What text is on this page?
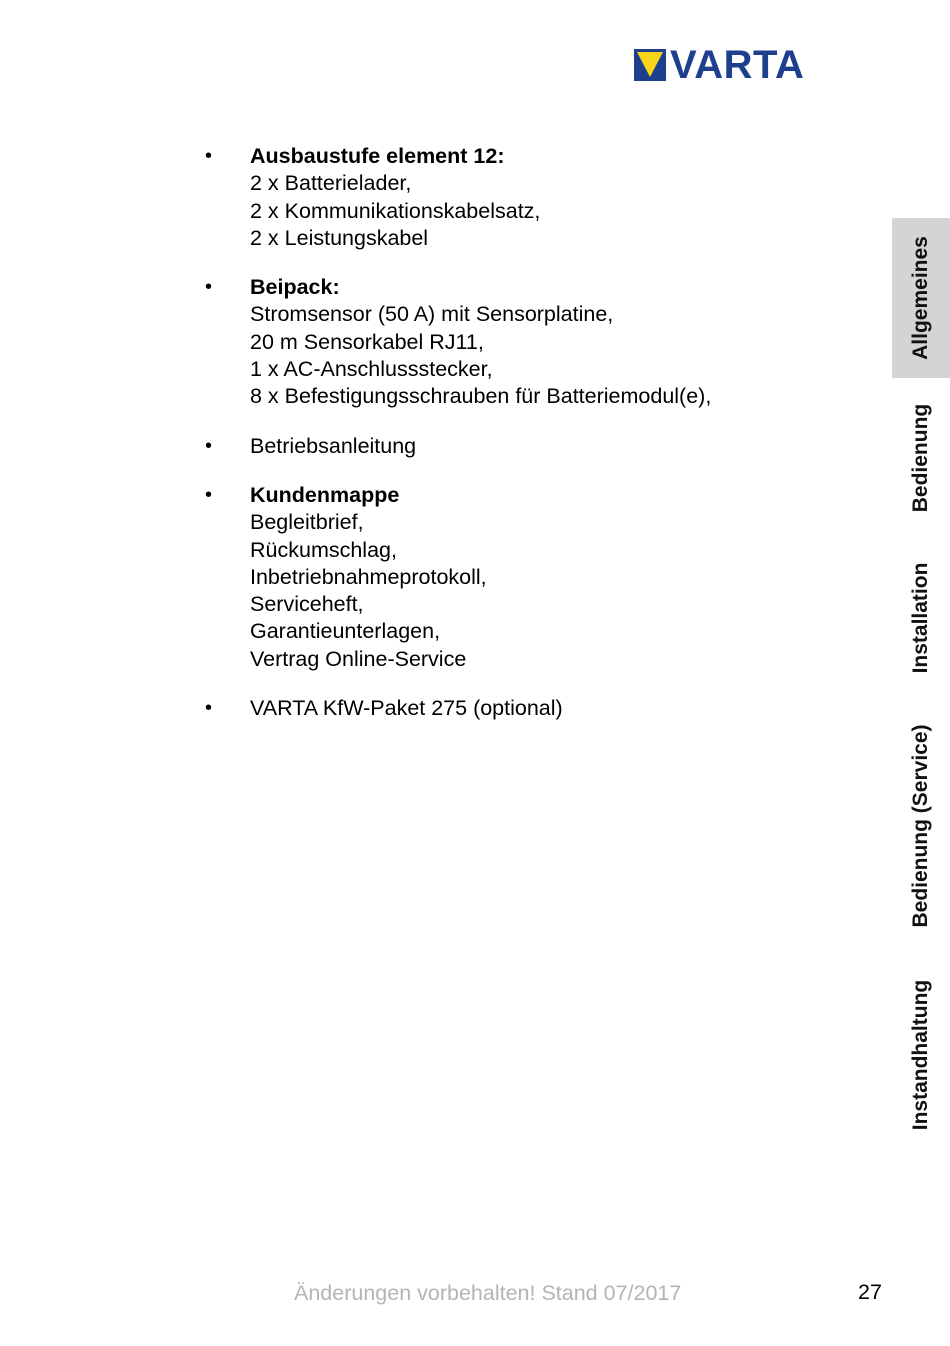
VARTA
• Ausbaustufe element 12:
2 x Batterielader,
2 x Kommunikationskabelsatz,
2 x Leistungskabel
• Beipack:
Stromsensor (50 A) mit Sensorplatine,
20 m Sensorkabel RJ11,
1 x AC-Anschlussstecker,
8 x Befestigungsschrauben für Batteriemodul(e),
• Betriebsanleitung
• Kundenmappe
Begleitbrief,
Rückumschlag,
Inbetriebnahmeprotokoll,
Serviceheft,
Garantieunterlagen,
Vertrag Online-Service
• VARTA KfW-Paket 275 (optional)
Allgemeines
Bedienung
Installation
Bedienung (Service)
Instandhaltung
Änderungen vorbehalten! Stand 07/2017	27
